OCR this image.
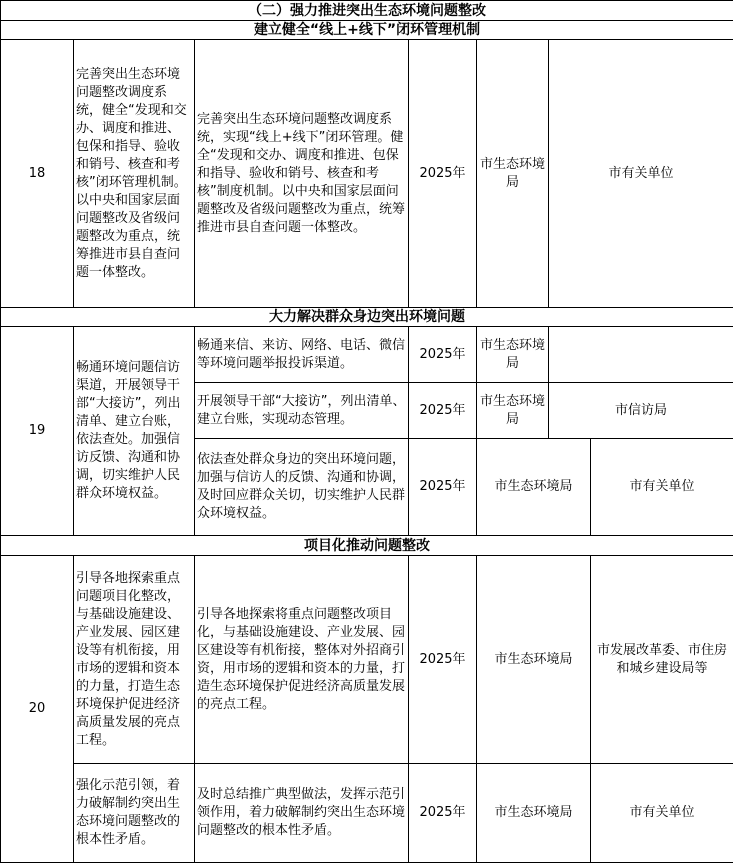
（二）强力推进突出生态环境问题整改						
建立健全“线上+线下”闭环管理机制						
18	完善突出生态环境问题整改调度系统，健全“发现和交办、调度和推进、包保和指导、验收和销号、核查和考核”闭环管理机制。以中央和国家层面问题整改及省级问题整改为重点，统筹推进市县自查问题一体整改。	完善突出生态环境问题整改调度系统，实现“线上+线下”闭环管理。健全“发现和交办、调度和推进、包保和指导、验收和销号、核查和考核”制度机制。以中央和国家层面问题整改及省级问题整改为重点，统筹推进市县自查问题一体整改。	2025年	市生态环境局	市有关单位	
大力解决群众身边突出环境问题						
19	畅通环境问题信访渠道，开展领导干部“大接访”，列出清单、建立台账，依法查处。加强信访反馈、沟通和协调，切实维护人民群众环境权益。	畅通来信、来访、网络、电话、微信等环境问题举报投诉渠道。	2025年	市生态环境局		
		开展领导干部“大接访”，列出清单、建立台账，实现动态管理。	2025年	市生态环境局	市信访局	
		依法查处群众身边的突出环境问题，加强与信访人的反馈、沟通和协调，及时回应群众关切，切实维护人民群众环境权益。	2025年	市生态环境局		市有关单位
项目化推动问题整改						
20	引导各地探索重点问题项目化整改，与基础设施建设、产业发展、园区建设等有机衔接，用市场的逻辑和资本的力量，打造生态环境保护促进经济高质量发展的亮点工程。	引导各地探索将重点问题整改项目化，与基础设施建设、产业发展、园区建设等有机衔接，整体对外招商引资，用市场的逻辑和资本的力量，打造生态环境保护促进经济高质量发展的亮点工程。	2025年	市生态环境局		市发展改革委、市住房和城乡建设局等
	强化示范引领，着力破解制约突出生态环境问题整改的根本性矛盾。	及时总结推广典型做法，发挥示范引领作用，着力破解制约突出生态环境问题整改的根本性矛盾。	2025年	市生态环境局		市有关单位
